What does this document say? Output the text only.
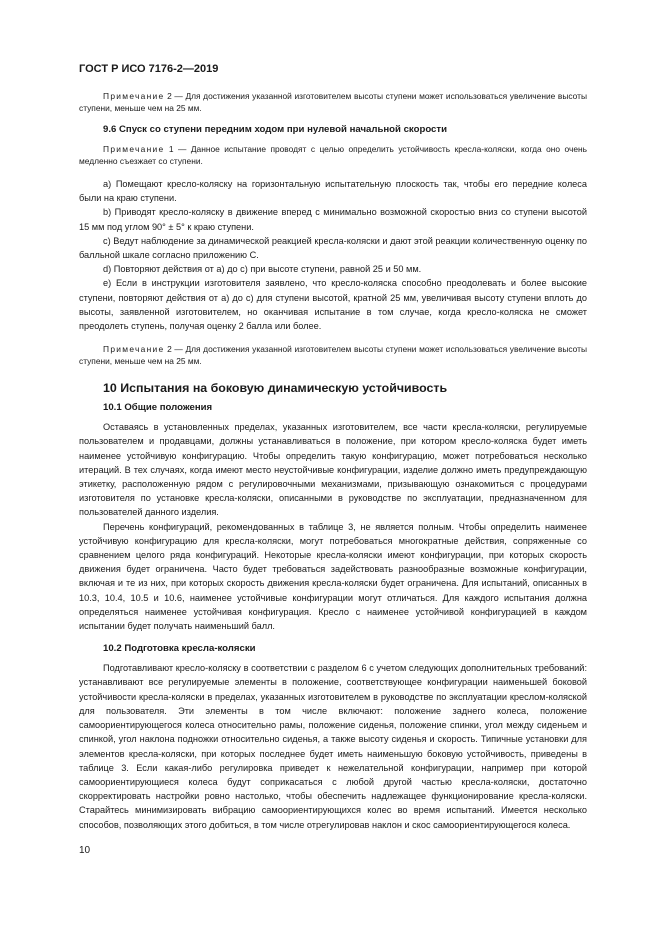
ГОСТ Р ИСО 7176-2—2019

Примечание 2 — Для достижения указанной изготовителем высоты ступени может использоваться увеличение высоты ступени, меньше чем на 25 мм.

9.6 Спуск со ступени передним ходом при нулевой начальной скорости

Примечание 1 — Данное испытание проводят с целью определить устойчивость кресла-коляски, когда оно очень медленно съезжает со ступени.

a) Помещают кресло-коляску на горизонтальную испытательную плоскость так, чтобы его передние колеса были на краю ступени.

b) Приводят кресло-коляску в движение вперед с минимально возможной скоростью вниз со ступени высотой 15 мм под углом 90° ± 5° к краю ступени.

c) Ведут наблюдение за динамической реакцией кресла-коляски и дают этой реакции количественную оценку по балльной шкале согласно приложению С.

d) Повторяют действия от a) до c) при высоте ступени, равной 25 и 50 мм.

e) Если в инструкции изготовителя заявлено, что кресло-коляска способно преодолевать и более высокие ступени, повторяют действия от a) до c) для ступени высотой, кратной 25 мм, увеличивая высоту ступени вплоть до высоты, заявленной изготовителем, но оканчивая испытание в том случае, когда кресло-коляска не сможет преодолеть ступень, получая оценку 2 балла или более.

Примечание 2 — Для достижения указанной изготовителем высоты ступени может использоваться увеличение высоты ступени, меньше чем на 25 мм.

10 Испытания на боковую динамическую устойчивость
10.1 Общие положения

Оставаясь в установленных пределах, указанных изготовителем, все части кресла-коляски, регулируемые пользователем и продавцами, должны устанавливаться в положение, при котором кресло-коляска будет иметь наименее устойчивую конфигурацию. Чтобы определить такую конфигурацию, может потребоваться несколько итераций. В тех случаях, когда имеют место неустойчивые конфигурации, изделие должно иметь предупреждающую этикетку, расположенную рядом с регулировочными механизмами, призывающую ознакомиться с процедурами изготовителя по установке кресла-коляски, описанными в руководстве по эксплуатации, предназначенном для пользователей данного изделия.

Перечень конфигураций, рекомендованных в таблице 3, не является полным. Чтобы определить наименее устойчивую конфигурацию для кресла-коляски, могут потребоваться многократные действия, сопряженные со сравнением целого ряда конфигураций. Некоторые кресла-коляски имеют конфигурации, при которых скорость движения будет ограничена. Часто будет требоваться задействовать разнообразные возможные конфигурации, включая и те из них, при которых скорость движения кресла-коляски будет ограничена. Для испытаний, описанных в 10.3, 10.4, 10.5 и 10.6, наименее устойчивые конфигурации могут отличаться. Для каждого испытания должна определяться наименее устойчивая конфигурация. Кресло с наименее устойчивой конфигурацией в каждом испытании будет получать наименьший балл.

10.2 Подготовка кресла-коляски

Подготавливают кресло-коляску в соответствии с разделом 6 с учетом следующих дополнительных требований: устанавливают все регулируемые элементы в положение, соответствующее конфигурации наименьшей боковой устойчивости кресла-коляски в пределах, указанных изготовителем в руководстве по эксплуатации креслом-коляской для пользователя. Эти элементы в том числе включают: положение заднего колеса, положение самоориентирующегося колеса относительно рамы, положение сиденья, положение спинки, угол между сиденьем и спинкой, угол наклона подножки относительно сиденья, а также высоту сиденья и скорость. Типичные установки для элементов кресла-коляски, при которых последнее будет иметь наименьшую боковую устойчивость, приведены в таблице 3. Если какая-либо регулировка приведет к нежелательной конфигурации, например при которой самоориентирующиеся колеса будут соприкасаться с любой другой частью кресла-коляски, достаточно скорректировать настройки ровно настолько, чтобы обеспечить надлежащее функционирование кресла-коляски. Старайтесь минимизировать вибрацию самоориентирующихся колес во время испытаний. Имеется несколько способов, позволяющих этого добиться, в том числе отрегулировав наклон и скос самоориентирующегося колеса.

10
